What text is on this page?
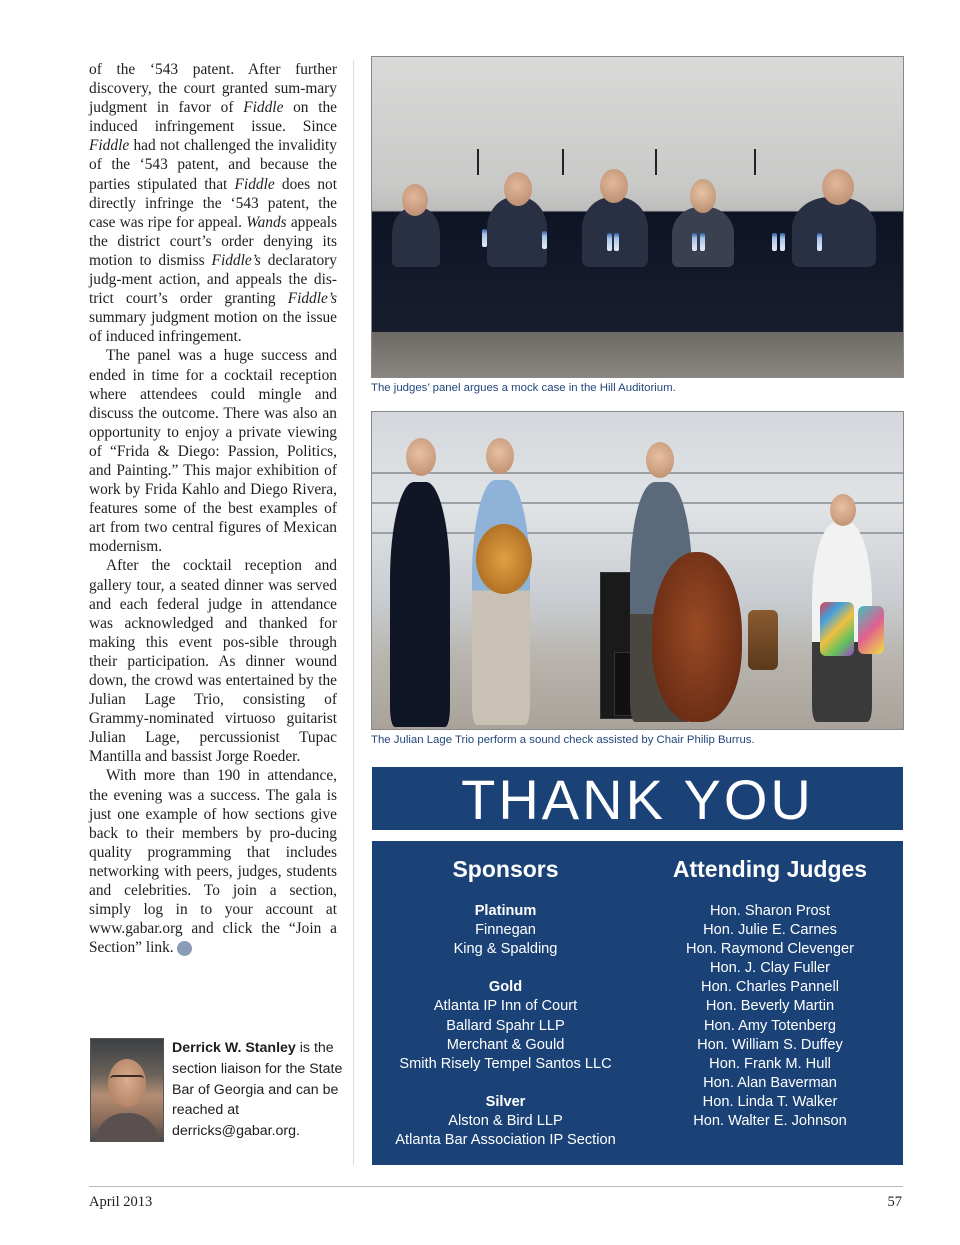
of the ‘543 patent. After further discovery, the court granted sum-mary judgment in favor of Fiddle on the induced infringement issue. Since Fiddle had not challenged the invalidity of the ‘543 patent, and because the parties stipulated that Fiddle does not directly infringe the ‘543 patent, the case was ripe for appeal. Wands appeals the district court’s order denying its motion to dismiss Fiddle’s declaratory judg-ment action, and appeals the dis-trict court’s order granting Fiddle’s summary judgment motion on the issue of induced infringement.

The panel was a huge success and ended in time for a cocktail reception where attendees could mingle and discuss the outcome. There was also an opportunity to enjoy a private viewing of “Frida & Diego: Passion, Politics, and Painting.” This major exhibition of work by Frida Kahlo and Diego Rivera, features some of the best examples of art from two central figures of Mexican modernism.

After the cocktail reception and gallery tour, a seated dinner was served and each federal judge in attendance was acknowledged and thanked for making this event pos-sible through their participation. As dinner wound down, the crowd was entertained by the Julian Lage Trio, consisting of Grammy-nominated virtuoso guitarist Julian Lage, percussionist Tupac Mantilla and bassist Jorge Roeder.

With more than 190 in attendance, the evening was a success. The gala is just one example of how sections give back to their members by pro-ducing quality programming that includes networking with peers, judges, students and celebrities. To join a section, simply log in to your account at www.gabar.org and click the “Join a Section” link.	GBJ

Derrick W. Stanley is the section liaison for the State Bar of Georgia and can be reached at derricks@gabar.org.
The judges’ panel argues a mock case in the Hill Auditorium.
The Julian Lage Trio perform a sound check assisted by Chair Philip Burrus.
THANK YOU
Sponsors
Platinum
Finnegan
King & Spalding
Gold
Atlanta IP Inn of Court
Ballard Spahr LLP
Merchant & Gould
Smith Risely Tempel Santos LLC
Silver
Alston & Bird LLP
Atlanta Bar Association IP Section
Attending Judges
Hon. Sharon Prost
Hon. Julie E. Carnes
Hon. Raymond Clevenger
Hon. J. Clay Fuller
Hon. Charles Pannell
Hon. Beverly Martin
Hon. Amy Totenberg
Hon. William S. Duffey
Hon. Frank M. Hull
Hon. Alan Baverman
Hon. Linda T. Walker
Hon. Walter E. Johnson
April 2013	57
